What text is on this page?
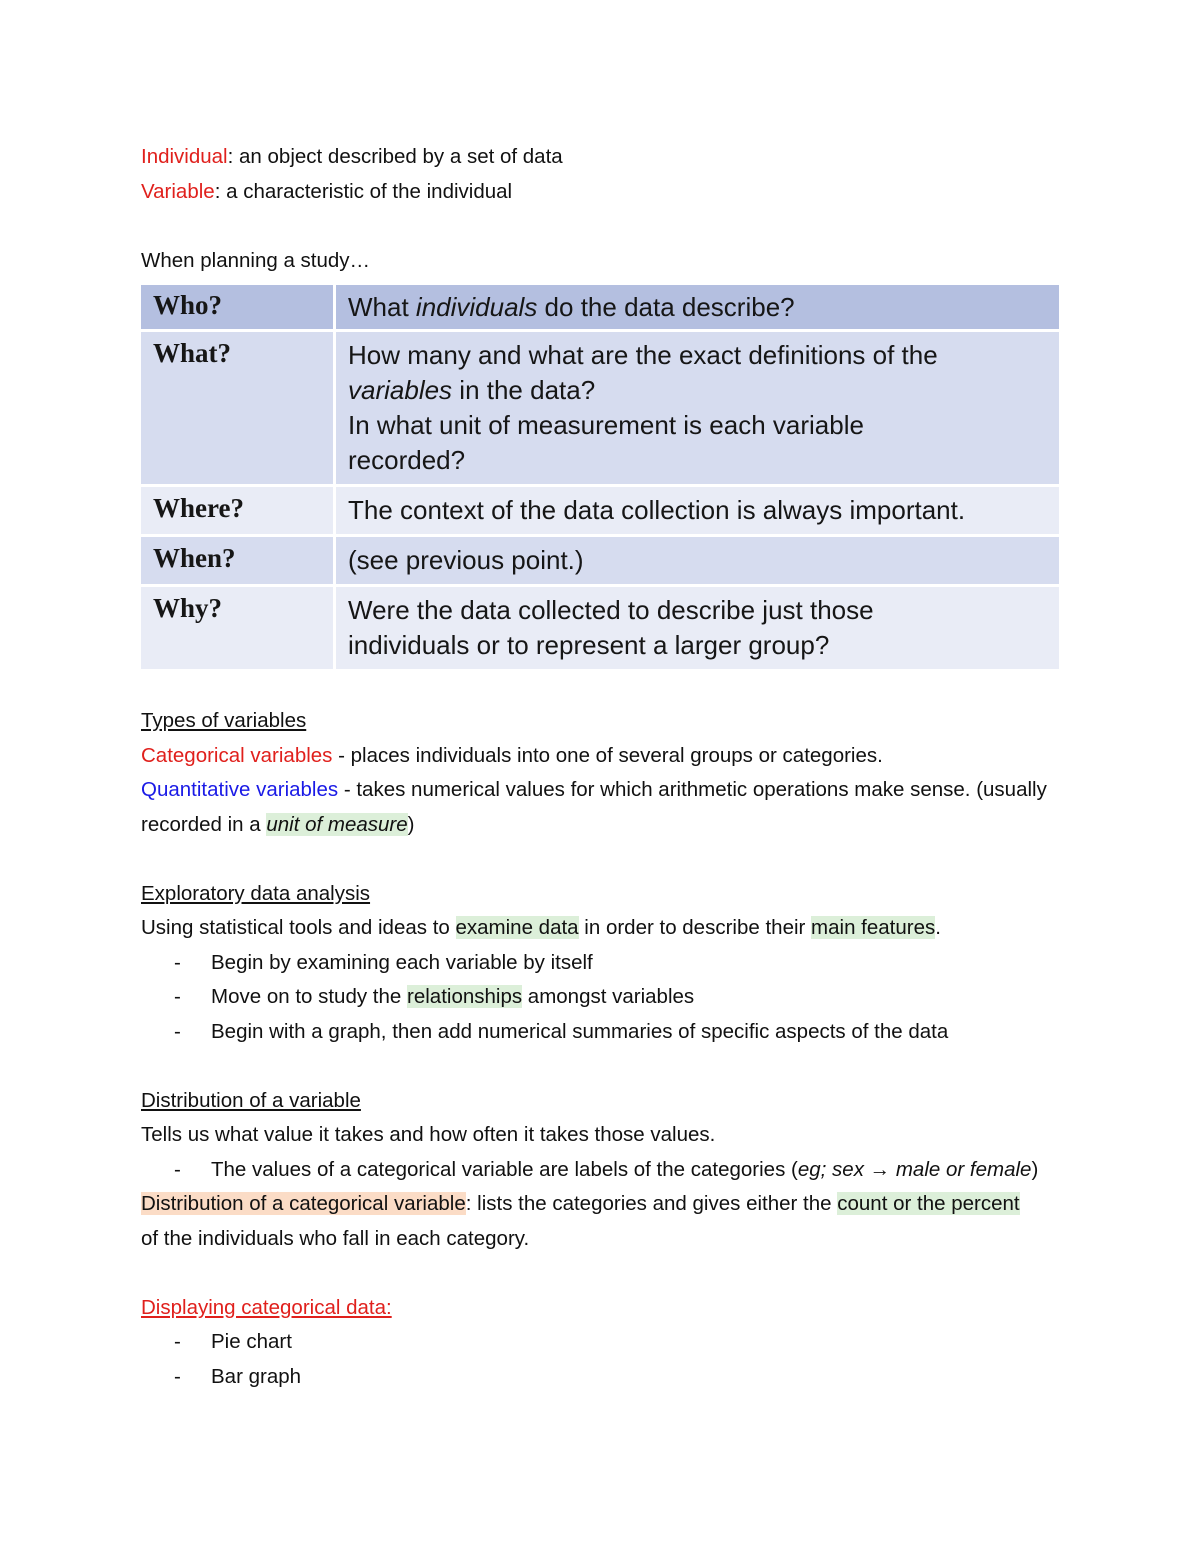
Individual: an object described by a set of data
Variable: a characteristic of the individual
When planning a study…
Who?	What individuals do the data describe?
What?	How many and what are the exact definitions of the
variables in the data?
In what unit of measurement is each variable
recorded?

Where?	The context of the data collection is always important.
When?	(see previous point.)
Why?	Were the data collected to describe just those
individuals or to represent a larger group?
Types of variables
Categorical variables - places individuals into one of several groups or categories.
Quantitative variables - takes numerical values for which arithmetic operations make sense. (usually
recorded in a unit of measure)
Exploratory data analysis
Using statistical tools and ideas to examine data in order to describe their main features.
- Begin by examining each variable by itself
- Move on to study the relationships amongst variables
- Begin with a graph, then add numerical summaries of specific aspects of the data
Distribution of a variable
Tells us what value it takes and how often it takes those values.
- The values of a categorical variable are labels of the categories (eg; sex → male or female)
Distribution of a categorical variable: lists the categories and gives either the count or the percent
of the individuals who fall in each category.
Displaying categorical data:
- Pie chart
- Bar graph
